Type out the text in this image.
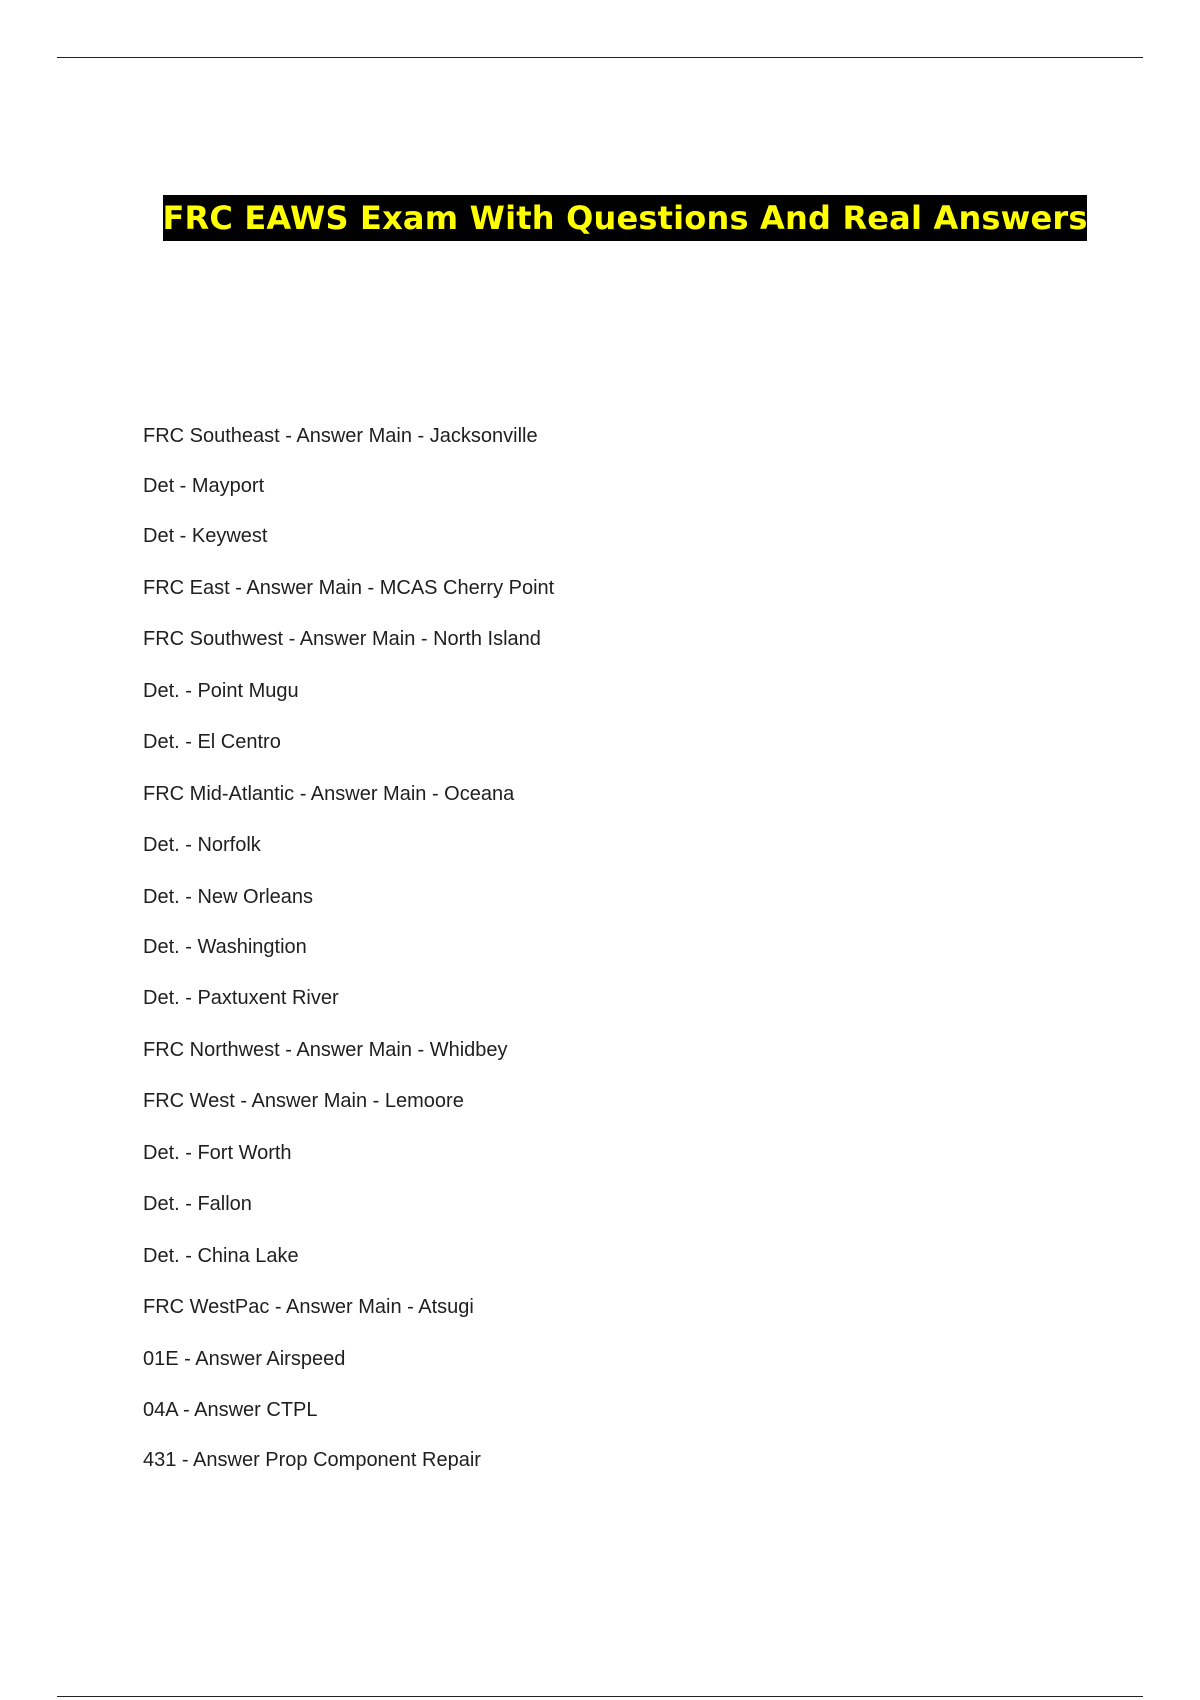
FRC EAWS Exam With Questions And Real Answers
FRC Southeast - Answer Main - Jacksonville
Det - Mayport
Det - Keywest
FRC East - Answer Main - MCAS Cherry Point
FRC Southwest - Answer Main - North Island
Det. - Point Mugu
Det. - El Centro
FRC Mid-Atlantic - Answer Main - Oceana
Det. - Norfolk
Det. - New Orleans
Det. - Washingtion
Det. - Paxtuxent River
FRC Northwest - Answer Main - Whidbey
FRC West - Answer Main - Lemoore
Det. - Fort Worth
Det. - Fallon
Det. - China Lake
FRC WestPac - Answer Main - Atsugi
01E - Answer Airspeed
04A - Answer CTPL
431 - Answer Prop Component Repair
